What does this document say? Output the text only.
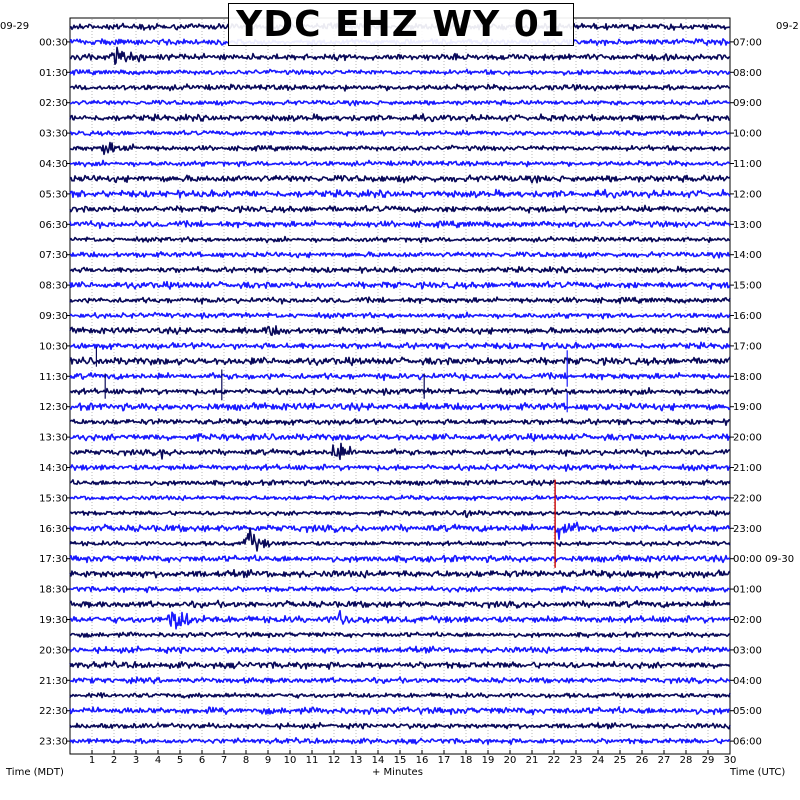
1 2 3 4 5 6 7 8 9 10 11 12 13 14 15 16 17 18 19 20 21 22 23 24 25 26 27 28 29 30
00:30
01:30
02:30
03:30
04:30
05:30
06:30
07:30
08:30
09:30
10:30
11:30
12:30
13:30
14:30
15:30
16:30
17:30
18:30
19:30
20:30
21:30
22:30
23:30
07:00
08:00
09:00
10:00
11:00
12:00
13:00
14:00
15:00
16:00
17:00
18:00
19:00
20:00
21:00
22:00
23:00
00:00 09-30
01:00
02:00
03:00
04:00
05:00
06:00
YDC EHZ WY 01
09-29	09-2
Time (MDT)	+ Minutes	Time (UTC)
